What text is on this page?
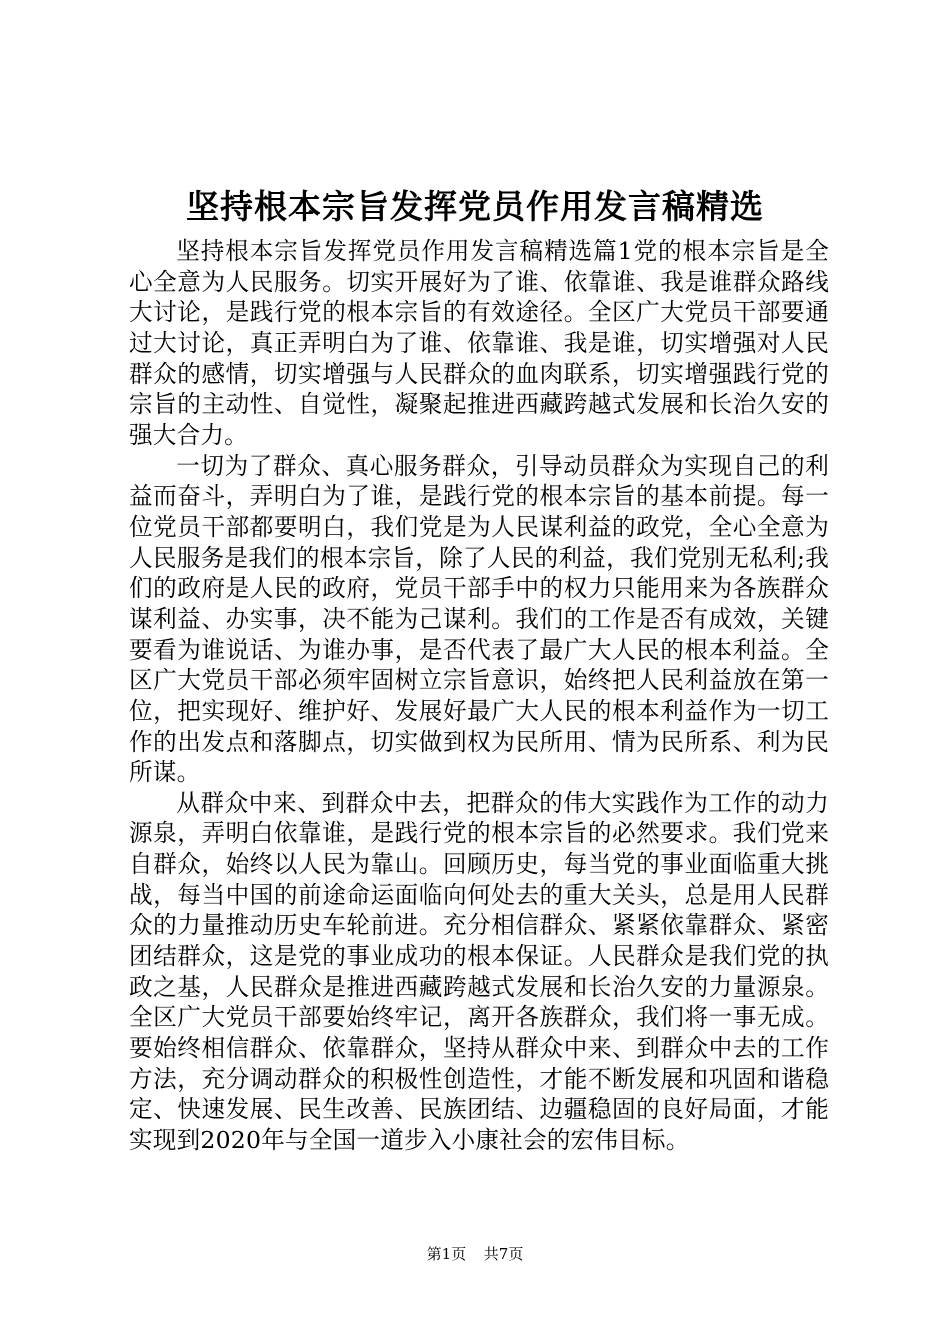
坚持根本宗旨发挥党员作用发言稿精选

坚持根本宗旨发挥党员作用发言稿精选篇1党的根本宗旨是全心全意为人民服务。切实开展好为了谁、依靠谁、我是谁群众路线大讨论，是践行党的根本宗旨的有效途径。全区广大党员干部要通过大讨论，真正弄明白为了谁、依靠谁、我是谁，切实增强对人民群众的感情，切实增强与人民群众的血肉联系，切实增强践行党的宗旨的主动性、自觉性，凝聚起推进西藏跨越式发展和长治久安的强大合力。

一切为了群众、真心服务群众，引导动员群众为实现自己的利益而奋斗，弄明白为了谁，是践行党的根本宗旨的基本前提。每一位党员干部都要明白，我们党是为人民谋利益的政党，全心全意为人民服务是我们的根本宗旨，除了人民的利益，我们党别无私利;我们的政府是人民的政府，党员干部手中的权力只能用来为各族群众谋利益、办实事，决不能为己谋利。我们的工作是否有成效，关键要看为谁说话、为谁办事，是否代表了最广大人民的根本利益。全区广大党员干部必须牢固树立宗旨意识，始终把人民利益放在第一位，把实现好、维护好、发展好最广大人民的根本利益作为一切工作的出发点和落脚点，切实做到权为民所用、情为民所系、利为民所谋。

从群众中来、到群众中去，把群众的伟大实践作为工作的动力源泉，弄明白依靠谁，是践行党的根本宗旨的必然要求。我们党来自群众，始终以人民为靠山。回顾历史，每当党的事业面临重大挑战，每当中国的前途命运面临向何处去的重大关头，总是用人民群众的力量推动历史车轮前进。充分相信群众、紧紧依靠群众、紧密团结群众，这是党的事业成功的根本保证。人民群众是我们党的执政之基，人民群众是推进西藏跨越式发展和长治久安的力量源泉。全区广大党员干部要始终牢记，离开各族群众，我们将一事无成。要始终相信群众、依靠群众，坚持从群众中来、到群众中去的工作方法，充分调动群众的积极性创造性，才能不断发展和巩固和谐稳定、快速发展、民生改善、民族团结、边疆稳固的良好局面，才能实现到2020年与全国一道步入小康社会的宏伟目标。

第1页 共7页
